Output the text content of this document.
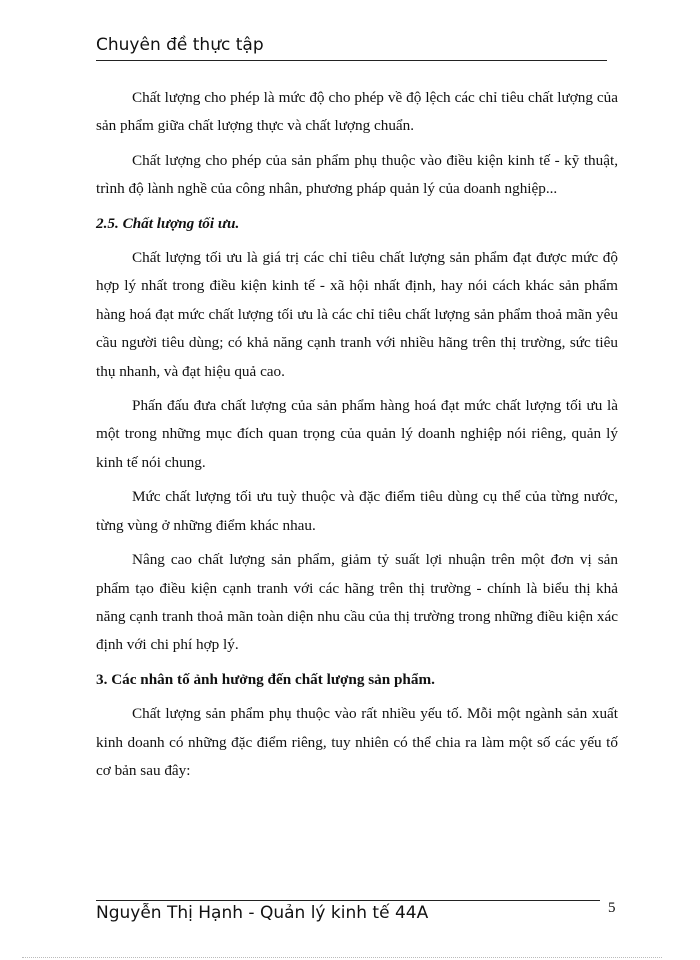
Chuyên đề thực tập

Chất lượng cho phép là mức độ cho phép về độ lệch các chỉ tiêu chất lượng của sản phẩm giữa chất lượng thực và chất lượng chuẩn.

Chất lượng cho phép của sản phẩm phụ thuộc vào điều kiện kinh tế - kỹ thuật, trình độ lành nghề của công nhân, phương pháp quản lý của doanh nghiệp...

2.5. Chất lượng tối ưu.

Chất lượng tối ưu là giá trị các chỉ tiêu chất lượng sản phẩm đạt được mức độ hợp lý nhất trong điều kiện kinh tế - xã hội nhất định, hay nói cách khác sản phẩm hàng hoá đạt mức chất lượng tối ưu là các chỉ tiêu chất lượng sản phẩm thoả mãn yêu cầu người tiêu dùng; có khả năng cạnh tranh với nhiều hãng trên thị trường, sức tiêu thụ nhanh, và đạt hiệu quả cao.

Phấn đấu đưa chất lượng của sản phẩm hàng hoá đạt mức chất lượng tối ưu là một trong những mục đích quan trọng của quản lý doanh nghiệp nói riêng, quản lý kinh tế nói chung.

Mức chất lượng tối ưu tuỳ thuộc và đặc điểm tiêu dùng cụ thể của từng nước, từng vùng ở những điểm khác nhau.

Nâng cao chất lượng sản phẩm, giảm tỷ suất lợi nhuận trên một đơn vị sản phẩm tạo điều kiện cạnh tranh với các hãng trên thị trường - chính là biểu thị khả năng cạnh tranh thoả mãn toàn diện nhu cầu của thị trường trong những điều kiện xác định với chi phí hợp lý.

3. Các nhân tố ảnh hưởng đến chất lượng sản phẩm.

Chất lượng sản phẩm phụ thuộc vào rất nhiều yếu tố. Mỗi một ngành sản xuất kinh doanh có những đặc điểm riêng, tuy nhiên có thể chia ra làm một số các yếu tố cơ bản sau đây:

Nguyễn Thị Hạnh - Quản lý kinh tế 44A	5
